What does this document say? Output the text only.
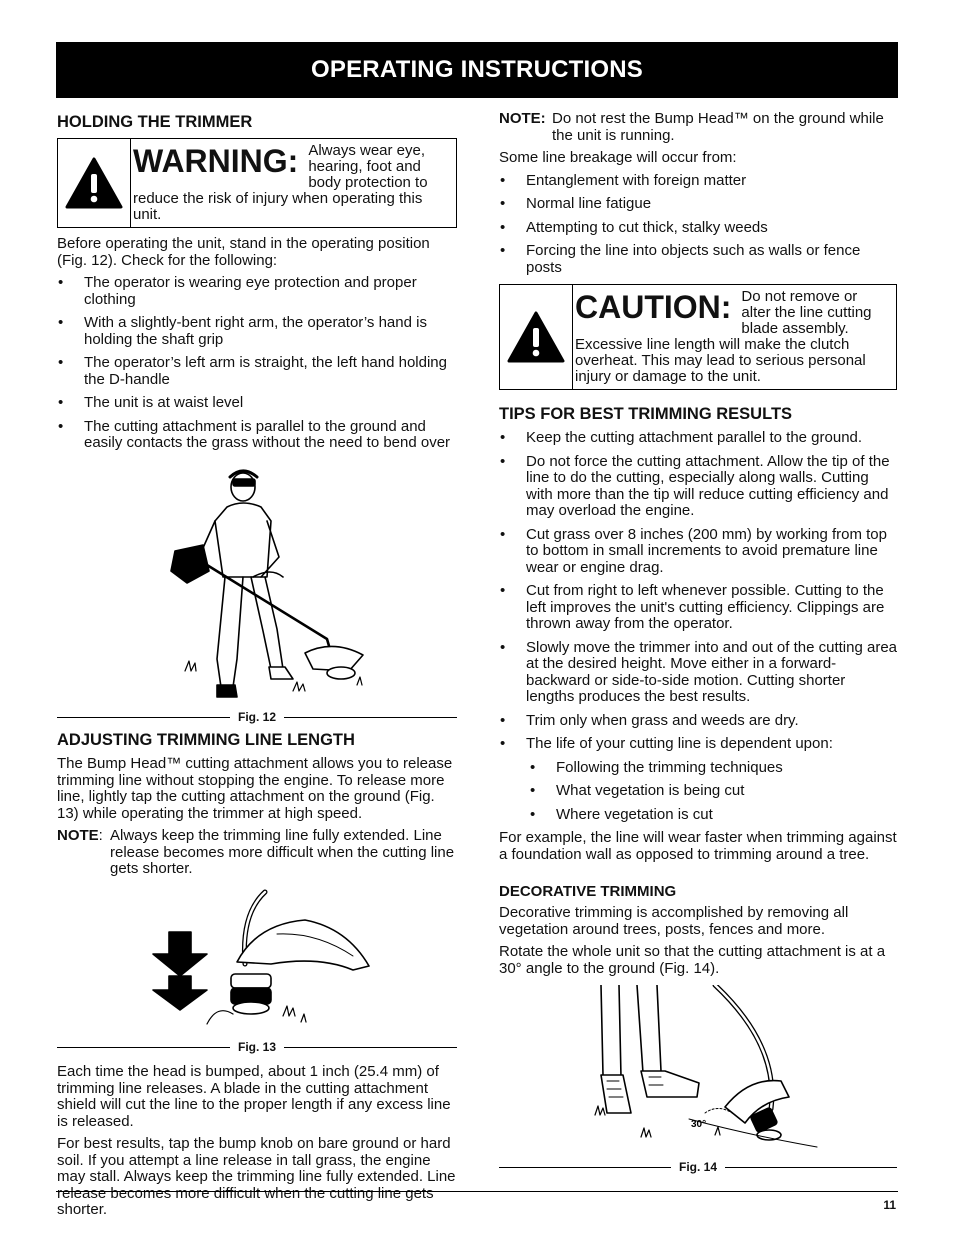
OPERATING INSTRUCTIONS
HOLDING THE TRIMMER
WARNING: Always wear eye, hearing, foot and body protection to reduce the risk of injury when operating this unit.

Before operating the unit, stand in the operating position (Fig. 12). Check for the following:

• The operator is wearing eye protection and proper clothing
• With a slightly-bent right arm, the operator’s hand is holding the shaft grip
• The operator’s left arm is straight, the left hand holding the D-handle
• The unit is at waist level
• The cutting attachment is parallel to the ground and easily contacts the grass without the need to bend over
Fig. 12
ADJUSTING TRIMMING LINE LENGTH

The Bump Head™ cutting attachment allows you to release trimming line without stopping the engine. To release more line, lightly tap the cutting attachment on the ground (Fig. 13) while operating the trimmer at high speed.

NOTE: Always keep the trimming line fully extended. Line release becomes more difficult when the cutting line gets shorter.
Fig. 13

Each time the head is bumped, about 1 inch (25.4 mm) of trimming line releases. A blade in the cutting attachment shield will cut the line to the proper length if any excess line is released.

For best results, tap the bump knob on bare ground or hard soil. If you attempt a line release in tall grass, the engine may stall. Always keep the trimming line fully extended. Line release becomes more difficult when the cutting line gets shorter.

NOTE: Do not rest the Bump Head™ on the ground while the unit is running.

Some line breakage will occur from:

• Entanglement with foreign matter
• Normal line fatigue
• Attempting to cut thick, stalky weeds
• Forcing the line into objects such as walls or fence posts
CAUTION: Do not remove or alter the line cutting blade assembly. Excessive line length will make the clutch overheat. This may lead to serious personal injury or damage to the unit.
TIPS FOR BEST TRIMMING RESULTS
• Keep the cutting attachment parallel to the ground.
• Do not force the cutting attachment. Allow the tip of the line to do the cutting, especially along walls. Cutting with more than the tip will reduce cutting efficiency and may overload the engine.
• Cut grass over 8 inches (200 mm) by working from top to bottom in small increments to avoid premature line wear or engine drag.
• Cut from right to left whenever possible. Cutting to the left improves the unit's cutting efficiency. Clippings are thrown away from the operator.
• Slowly move the trimmer into and out of the cutting area at the desired height. Move either in a forward-backward or side-to-side motion. Cutting shorter lengths produces the best results.
• Trim only when grass and weeds are dry.
• The life of your cutting line is dependent upon:
• Following the trimming techniques
• What vegetation is being cut
• Where vegetation is cut

For example, the line will wear faster when trimming against a foundation wall as opposed to trimming around a tree.

DECORATIVE TRIMMING

Decorative trimming is accomplished by removing all vegetation around trees, posts, fences and more.

Rotate the whole unit so that the cutting attachment is at a 30° angle to the ground (Fig. 14).

30°
Fig. 14
11
